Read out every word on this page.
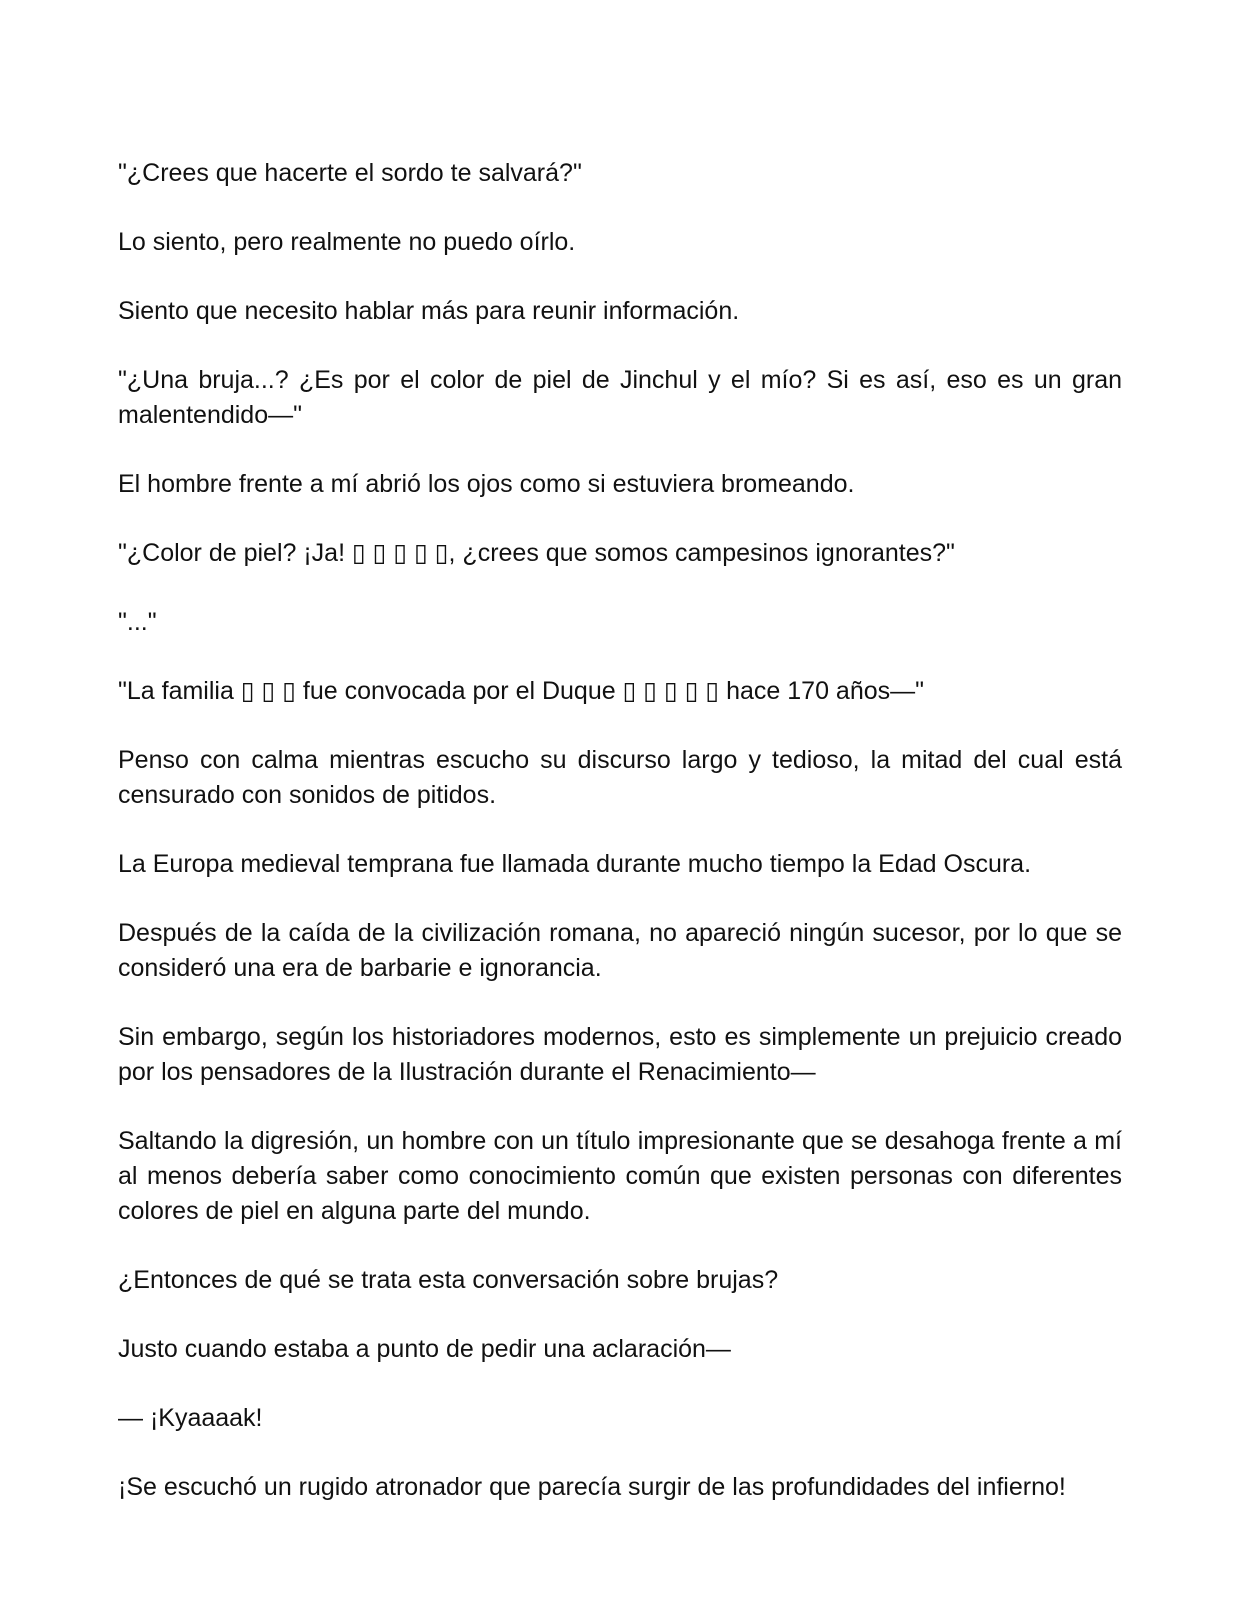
"¿Crees que hacerte el sordo te salvará?"

Lo siento, pero realmente no puedo oírlo.

Siento que necesito hablar más para reunir información.

"¿Una bruja...? ¿Es por el color de piel de Jinchul y el mío? Si es así, eso es un gran malentendido—"

El hombre frente a mí abrió los ojos como si estuviera bromeando.

"¿Color de piel? ¡Ja! ▯ ▯ ▯ ▯ ▯, ¿crees que somos campesinos ignorantes?"

"..."

"La familia ▯ ▯ ▯ fue convocada por el Duque ▯ ▯ ▯ ▯ ▯ hace 170 años—"

Penso con calma mientras escucho su discurso largo y tedioso, la mitad del cual está censurado con sonidos de pitidos.

La Europa medieval temprana fue llamada durante mucho tiempo la Edad Oscura.

Después de la caída de la civilización romana, no apareció ningún sucesor, por lo que se consideró una era de barbarie e ignorancia.

Sin embargo, según los historiadores modernos, esto es simplemente un prejuicio creado por los pensadores de la Ilustración durante el Renacimiento—

Saltando la digresión, un hombre con un título impresionante que se desahoga frente a mí al menos debería saber como conocimiento común que existen personas con diferentes colores de piel en alguna parte del mundo.

¿Entonces de qué se trata esta conversación sobre brujas?

Justo cuando estaba a punto de pedir una aclaración—

— ¡Kyaaaak!

¡Se escuchó un rugido atronador que parecía surgir de las profundidades del infierno!
